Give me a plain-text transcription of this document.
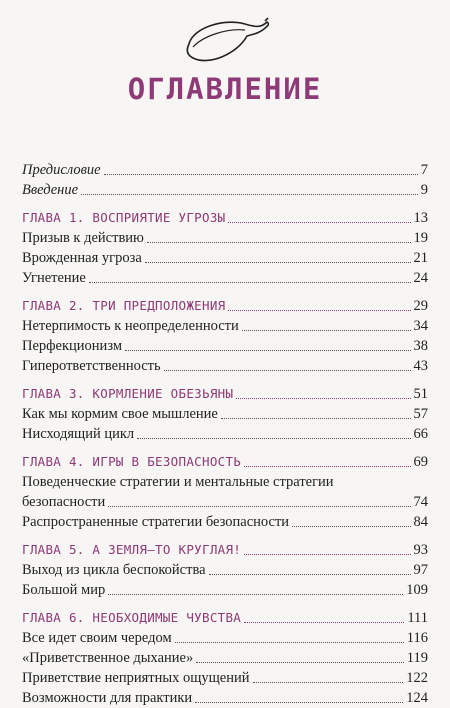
ОГЛАВЛЕНИЕ
Предисловие	7
Введение	9
ГЛАВА 1. ВОСПРИЯТИЕ УГРОЗЫ	13
Призыв к действию	19
Врожденная угроза	21
Угнетение	24
ГЛАВА 2. ТРИ ПРЕДПОЛОЖЕНИЯ	29
Нетерпимость к неопределенности	34
Перфекционизм	38
Гиперответственность	43
ГЛАВА 3. КОРМЛЕНИЕ ОБЕЗЬЯНЫ	51
Как мы кормим свое мышление	57
Нисходящий цикл	66
ГЛАВА 4. ИГРЫ В БЕЗОПАСНОСТЬ	69
Поведенческие стратегии и ментальные стратегии
безопасности	74
Распространенные стратегии безопасности	84
ГЛАВА 5. А ЗЕМЛЯ—ТО КРУГЛАЯ!	93
Выход из цикла беспокойства	97
Большой мир	109
ГЛАВА 6. НЕОБХОДИМЫЕ ЧУВСТВА	111
Все идет своим чередом	116
«Приветственное дыхание»	119
Приветствие неприятных ощущений	122
Возможности для практики	124
